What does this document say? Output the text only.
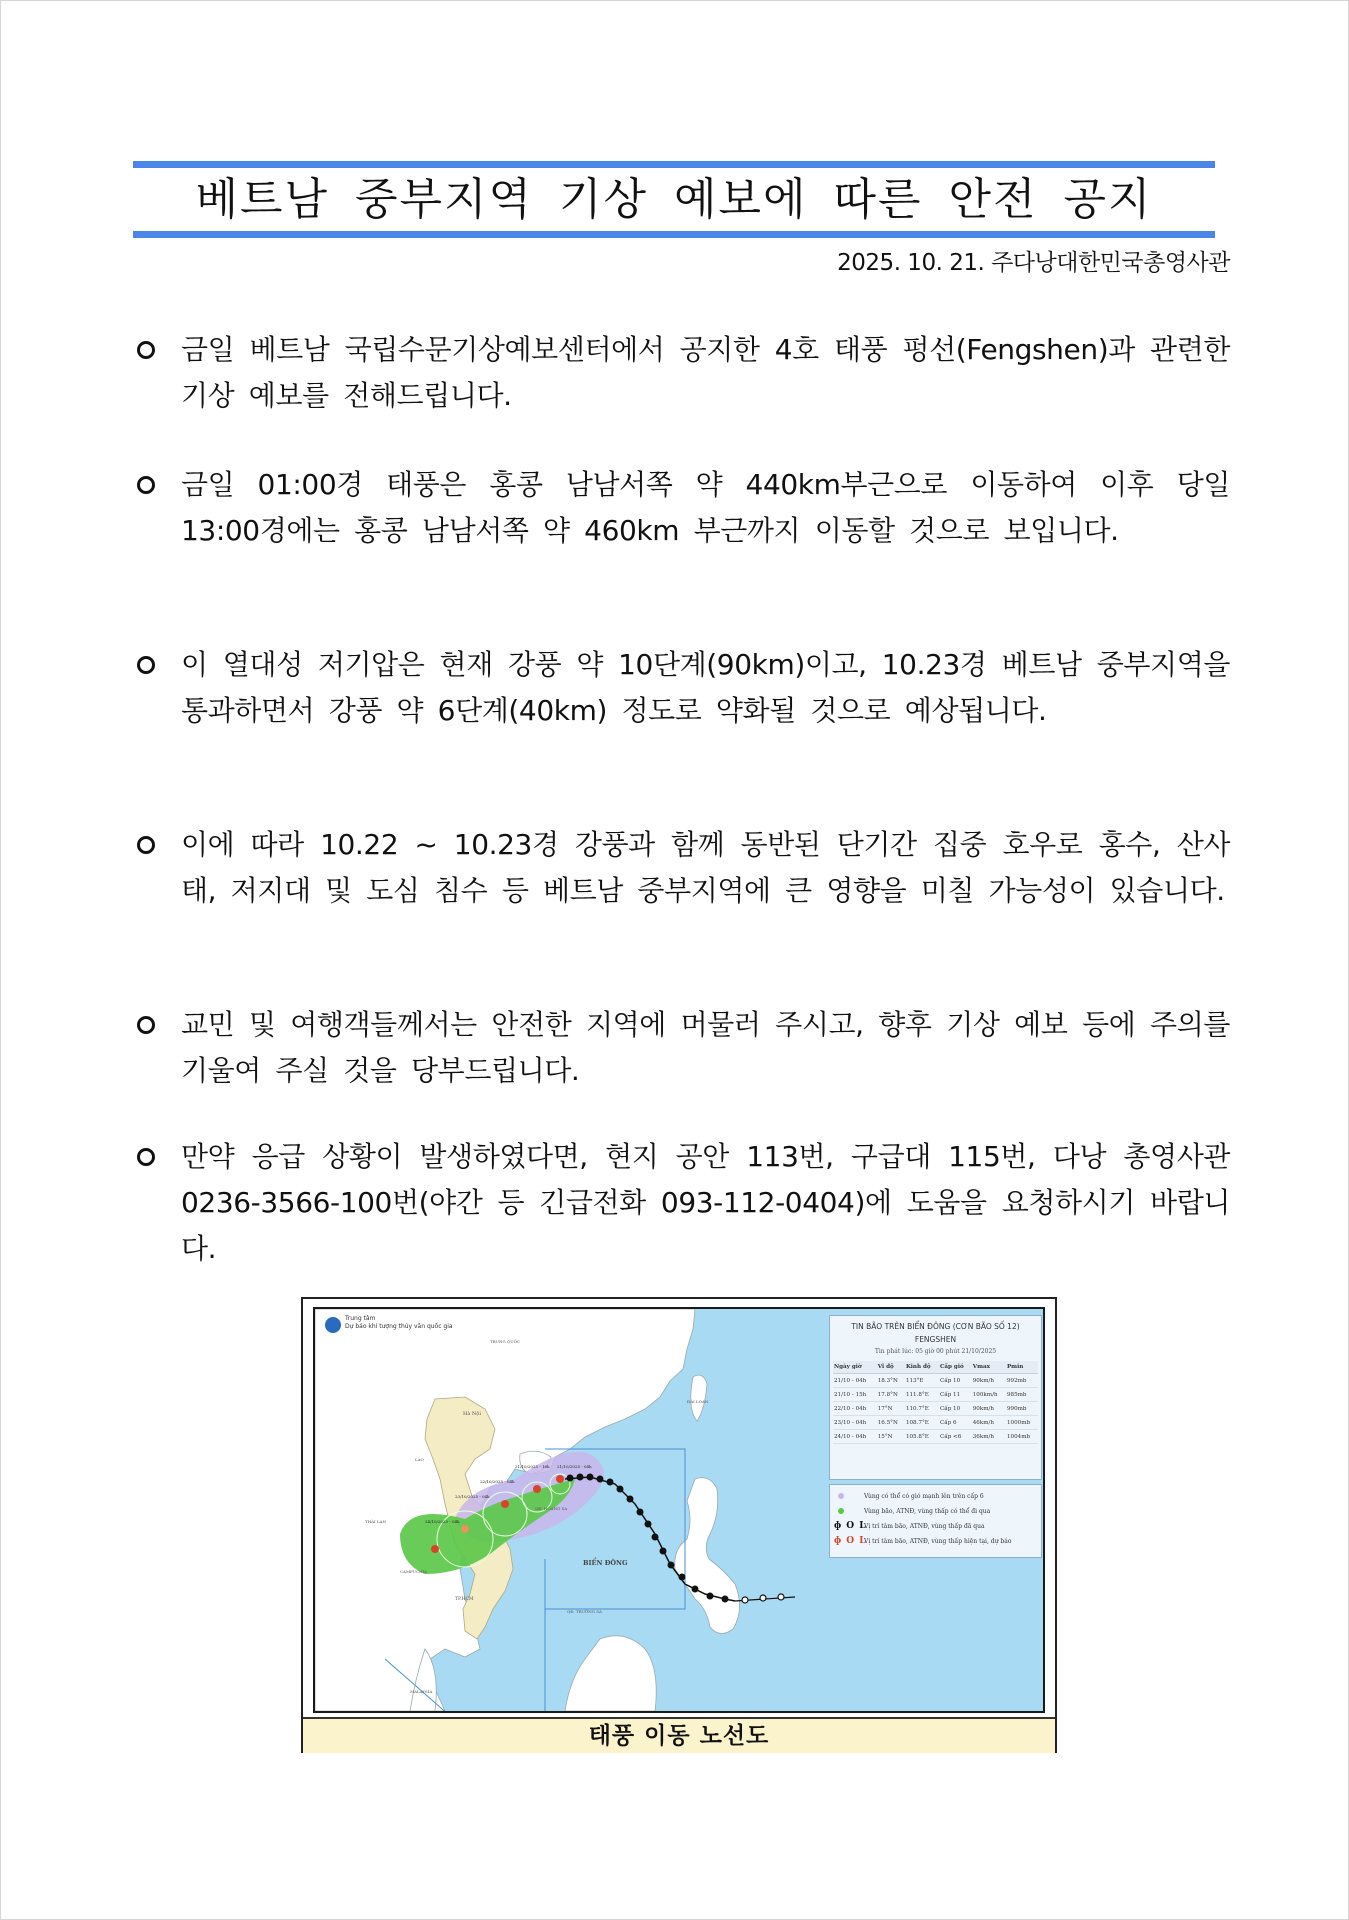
베트남 중부지역 기상 예보에 따른 안전 공지
2025. 10. 21. 주다낭대한민국총영사관
금일 베트남 국립수문기상예보센터에서 공지한 4호 태풍 펑선(Fengshen)과 관련한 기상 예보를 전해드립니다.
금일 01:00경 태풍은 홍콩 남남서쪽 약 440km부근으로 이동하여 이후 당일 13:00경에는 홍콩 남남서쪽 약 460km 부근까지 이동할 것으로 보입니다.
이 열대성 저기압은 현재 강풍 약 10단계(90km)이고, 10.23경 베트남 중부지역을 통과하면서 강풍 약 6단계(40km) 정도로 약화될 것으로 예상됩니다.
이에 따라 10.22 ~ 10.23경 강풍과 함께 동반된 단기간 집중 호우로 홍수, 산사태, 저지대 및 도심 침수 등 베트남 중부지역에 큰 영향을 미칠 가능성이 있습니다.
교민 및 여행객들께서는 안전한 지역에 머물러 주시고, 향후 기상 예보 등에 주의를 기울여 주실 것을 당부드립니다.
만약 응급 상황이 발생하였다면, 현지 공안 113번, 구급대 115번, 다낭 총영사관 0236-3566-100번(야간 등 긴급전화 093-112-0404)에 도움을 요청하시기 바랍니다.
Trung tâm
Dự báo khí tượng thủy văn quốc gia
TRUNG QUỐC
Hà Nội
LÀO
THÁI LAN
CAMPUCHIA
TP.HCM
BIỂN ĐÔNG
QĐ. HOÀNG SA
QĐ. TRƯỜNG SA
MALAYSIA
ĐÀI LOAN
21/10/2025 - 04h
21/10/2025 - 16h
22/10/2025 - 04h
23/10/2025 - 04h
24/10/2025 - 04h
TIN BÃO TRÊN BIỂN ĐÔNG (CƠN BÃO SỐ 12)
FENGSHEN
Tin phát lúc: 05 giờ 00 phút 21/10/2025
Ngày giờ	Vĩ độ	Kinh độ	Cấp gió	Vmax	Pmin
21/10 - 04h	18.3°N	113°E	Cấp 10	90km/h	992mb
21/10 - 15h	17.8°N	111.8°E	Cấp 11	100km/h	985mb
22/10 - 04h	17°N	110.7°E	Cấp 10	90km/h	990mb
23/10 - 04h	16.5°N	108.7°E	Cấp 6	46km/h	1000mb
24/10 - 04h	15°N	105.8°E	Cấp <6	36km/h	1004mb
Vùng có thể có gió mạnh lên trên cấp 6
Vùng bão, ATNĐ, vùng thấp có thể đi qua
ɸ O L
Vị trí tâm bão, ATNĐ, vùng thấp đã qua
ɸ O L
Vị trí tâm bão, ATNĐ, vùng thấp hiện tại, dự báo
태풍 이동 노선도
